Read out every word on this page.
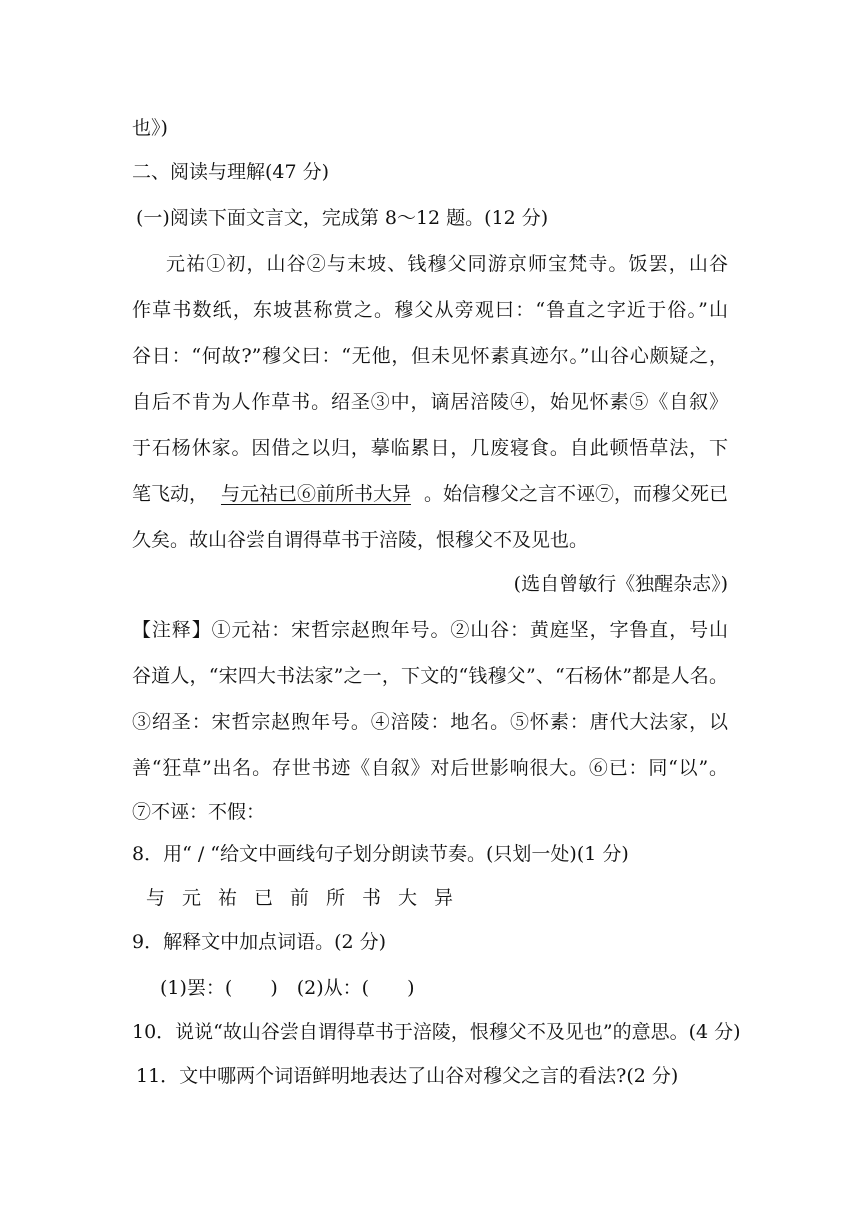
也》)
二、阅读与理解(47 分)
(一)阅读下面文言文，完成第 8～12 题。(12 分)
元祐①初，山谷②与末坡、钱穆父同游京师宝梵寺。饭罢，山谷
作草书数纸，东坡甚称赏之。穆父从旁观曰：“鲁直之字近于俗。”山
谷日：“何故?”穆父曰：“无他，但未见怀素真迹尔。”山谷心颇疑之，
自后不肯为人作草书。绍圣③中，谪居涪陵④，始见怀素⑤《自叙》
于石杨休家。因借之以归，摹临累日，几废寝食。自此顿悟草法，下
笔飞动， 与元祜已⑥前所书大异 。始信穆父之言不诬⑦，而穆父死已
久矣。故山谷尝自谓得草书于涪陵，恨穆父不及见也。
(选自曾敏行《独醒杂志》)
【注释】①元祜：宋哲宗赵煦年号。②山谷：黄庭坚，字鲁直，号山
谷道人，“宋四大书法家”之一，下文的“钱穆父”、“石杨休”都是人名。
③绍圣：宋哲宗赵煦年号。④涪陵：地名。⑤怀素：唐代大法家，以
善“狂草”出名。存世书迹《自叙》对后世影响很大。⑥已：同“以”。
⑦不诬：不假：
8．用“ / “给文中画线句子划分朗读节奏。(只划一处)(1 分)
与元祐已前所书大异
9．解释文中加点词语。(2 分)
(1)罢：(　　)　(2)从：(　　)
10．说说“故山谷尝自谓得草书于涪陵，恨穆父不及见也”的意思。(4 分)
11．文中哪两个词语鲜明地表达了山谷对穆父之言的看法?(2 分)
